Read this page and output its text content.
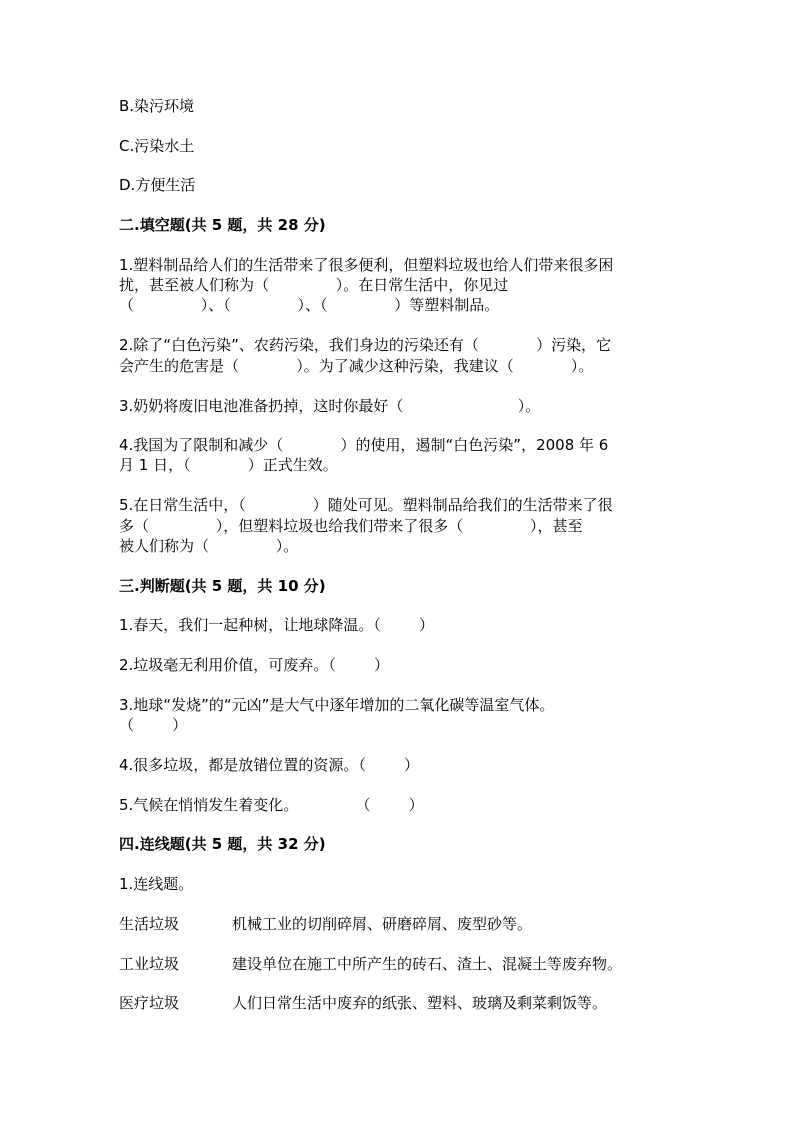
B.染污环境
C.污染水土
D.方便生活
二.填空题(共 5 题，共 28 分)
1.塑料制品给人们的生活带来了很多便利，但塑料垃圾也给人们带来很多困
扰，甚至被人们称为（              ）。在日常生活中，你见过
（              ）、（              ）、（              ）等塑料制品。
2.除了“白色污染”、农药污染，我们身边的污染还有（            ）污染，它
会产生的危害是（            ）。为了减少这种污染，我建议（            ）。
3.奶奶将废旧电池准备扔掉，这时你最好（                        ）。
4.我国为了限制和减少（            ）的使用，遏制“白色污染”，2008 年 6
月 1 日，（            ）正式生效。
5.在日常生活中，（              ）随处可见。塑料制品给我们的生活带来了很
多（              ），但塑料垃圾也给我们带来了很多（              ），甚至
被人们称为（              ）。
三.判断题(共 5 题，共 10 分)
1.春天，我们一起种树，让地球降温。（        ）
2.垃圾毫无利用价值，可废弃。（        ）
3.地球“发烧”的“元凶”是大气中逐年增加的二氧化碳等温室气体。
（        ）
4.很多垃圾，都是放错位置的资源。（        ）
5.气候在悄悄发生着变化。            （        ）
四.连线题(共 5 题，共 32 分)
1.连线题。
生活垃圾	机械工业的切削碎屑、研磨碎屑、废型砂等。
工业垃圾	建设单位在施工中所产生的砖石、渣土、混凝土等废弃物。
医疗垃圾	人们日常生活中废弃的纸张、塑料、玻璃及剩菜剩饭等。
